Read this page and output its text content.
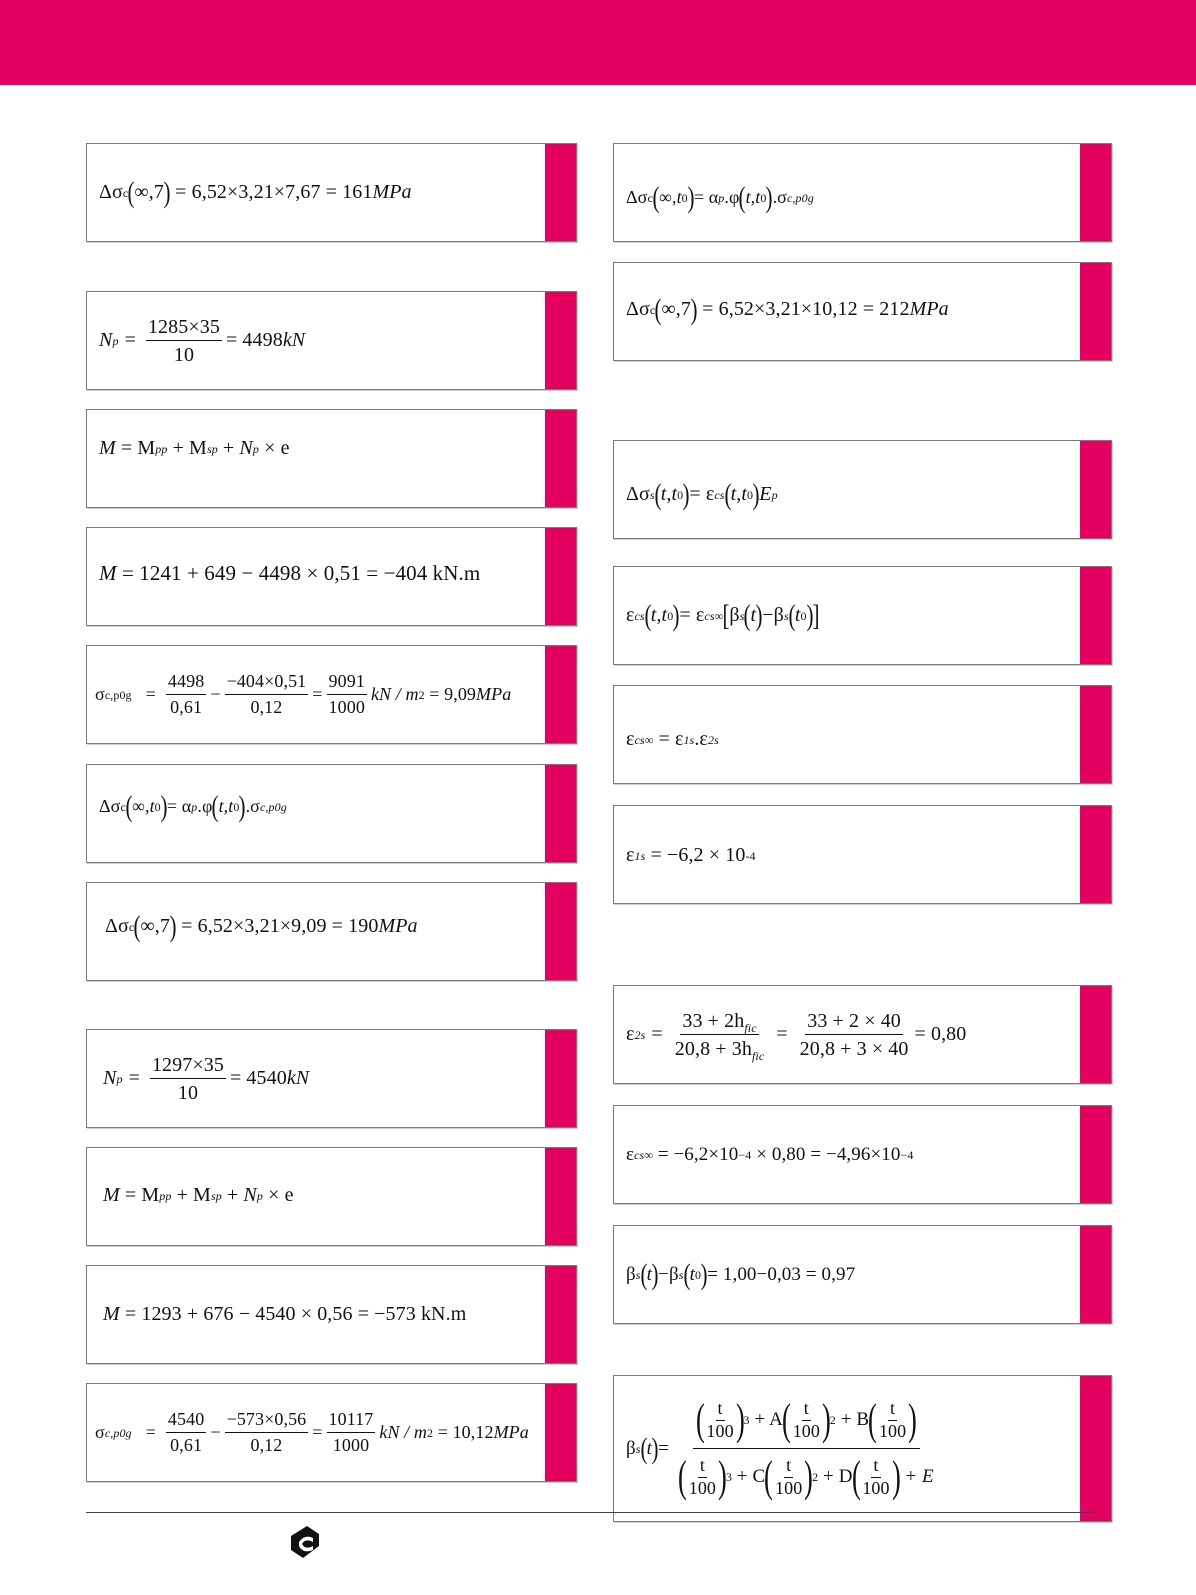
Δσ c ( ∞,7 )
= 6,52×3,21×7,67 = 161 MPa
N $p = \frac{1285\times 35}{10} = 4498$ kN
M
= M pp
+ M sp
+
N p
× e
M
= 1241 + 649 − 4498 × 0,51 = −404 kN.m
σ $c,p0g = \frac{4498}{0,61} - \frac{-404\times 0,51}{0,12} = \frac{9091}{1000}$ kN / m 2
= 9,09 MPa
Δσ c ( ∞, t 0 ) = α p .φ ( t, t 0 ) .σ c,p0g
Δσ c ( ∞,7 )
= 6,52×3,21×9,09 = 190 MPa
N $p = \frac{1297\times 35}{10} = 4540$ kN
M
= M pp
+ M sp
+
N p
× e
M
= 1293 + 676 − 4540 × 0,56 = −573 kN.m
σ $c,p0g = \frac{4540}{0,61} - \frac{-573\times 0,56}{0,12} = \frac{10117}{1000}$ kN / m 2
= 10,12 MPa
Δσ c ( ∞, t 0 ) = α p .φ ( t, t 0 ) .σ c,p0g
Δσ c ( ∞,7 )
= 6,52×3,21×10,12 = 212 MPa
Δσ s ( t,t 0 ) = ε cs ( t,t 0 ) E p
ε cs ( t,t 0 ) = ε cs∞ [ β s ( t ) − β s ( t 0 ) ]
ε cs∞
= ε 1s .ε 2s
ε 1s
= −6,2 × 10 -4
ε $2s = \frac{33 + 2h_{fic}}{20,8 + 3h_{fic}} = \frac{33 + 2 \times 40}{20,8 + 3 \times 40} = 0,80$
ε cs∞
= −6,2×10 −4
× 0,80 = −4,96×10 −4
β s ( t ) − β s ( t 0 ) = 1,00−0,03 = 0,97
β s ( t ) =
( t
100 )
3
+ A
( t
100 )
2
+ B
( t
100 )
( t
100 )
3
+ C
( t
100 )
2
+ D
( t
100 )
+ E
